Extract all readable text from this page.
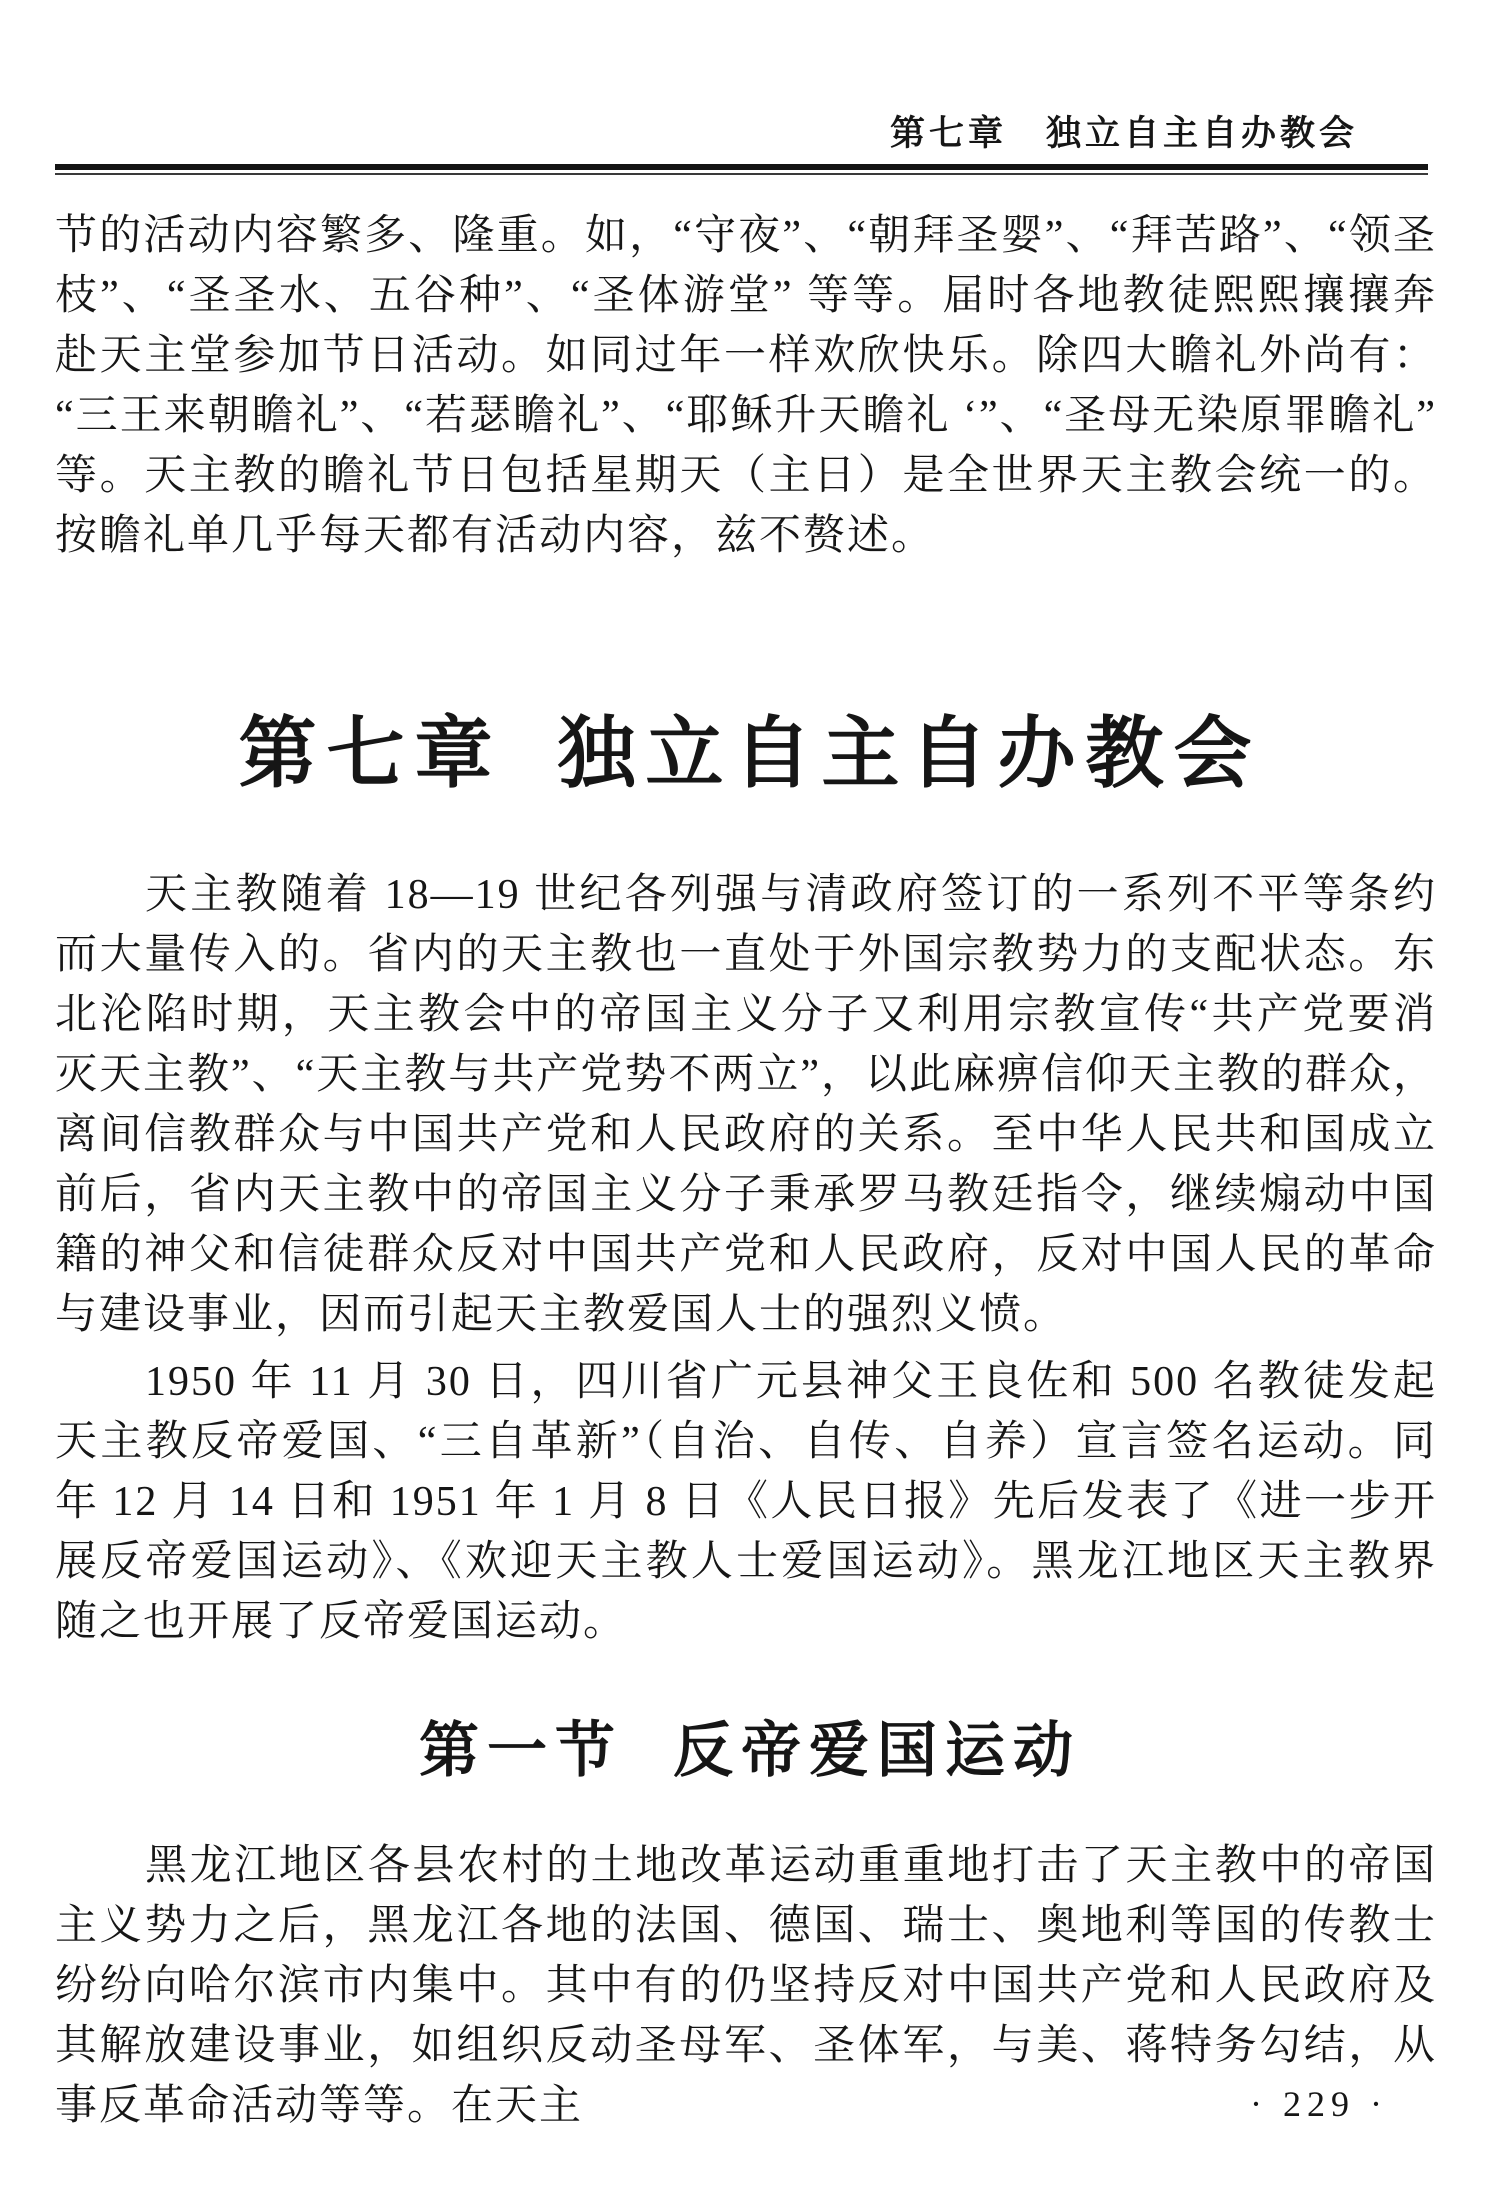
第七章　独立自主自办教会
节的活动内容繁多、隆重。如，“守夜”、“朝拜圣婴”、“拜苦路”、“领圣枝”、“圣圣水、五谷种”、“圣体游堂” 等等。届时各地教徒熙熙攘攘奔赴天主堂参加节日活动。如同过年一样欢欣快乐。除四大瞻礼外尚有：“三王来朝瞻礼”、“若瑟瞻礼”、“耶稣升天瞻礼 ‘”、“圣母无染原罪瞻礼” 等。天主教的瞻礼节日包括星期天（主日）是全世界天主教会统一的。按瞻礼单几乎每天都有活动内容，兹不赘述。
第七章 独立自主自办教会
天主教随着 18—19 世纪各列强与清政府签订的一系列不平等条约而大量传入的。省内的天主教也一直处于外国宗教势力的支配状态。东北沦陷时期，天主教会中的帝国主义分子又利用宗教宣传“共产党要消灭天主教”、“天主教与共产党势不两立”，以此麻痹信仰天主教的群众，离间信教群众与中国共产党和人民政府的关系。至中华人民共和国成立前后，省内天主教中的帝国主义分子秉承罗马教廷指令，继续煽动中国籍的神父和信徒群众反对中国共产党和人民政府，反对中国人民的革命与建设事业，因而引起天主教爱国人士的强烈义愤。
1950 年 11 月 30 日，四川省广元县神父王良佐和 500 名教徒发起天主教反帝爱国、“三自革新”（自治、自传、自养）宣言签名运动。同年 12 月 14 日和 1951 年 1 月 8 日《人民日报》先后发表了《进一步开展反帝爱国运动》、《欢迎天主教人士爱国运动》。黑龙江地区天主教界随之也开展了反帝爱国运动。
第一节 反帝爱国运动
黑龙江地区各县农村的土地改革运动重重地打击了天主教中的帝国主义势力之后，黑龙江各地的法国、德国、瑞士、奥地利等国的传教士纷纷向哈尔滨市内集中。其中有的仍坚持反对中国共产党和人民政府及其解放建设事业，如组织反动圣母军、圣体军，与美、蒋特务勾结，从事反革命活动等等。在天主	· 229 ·
